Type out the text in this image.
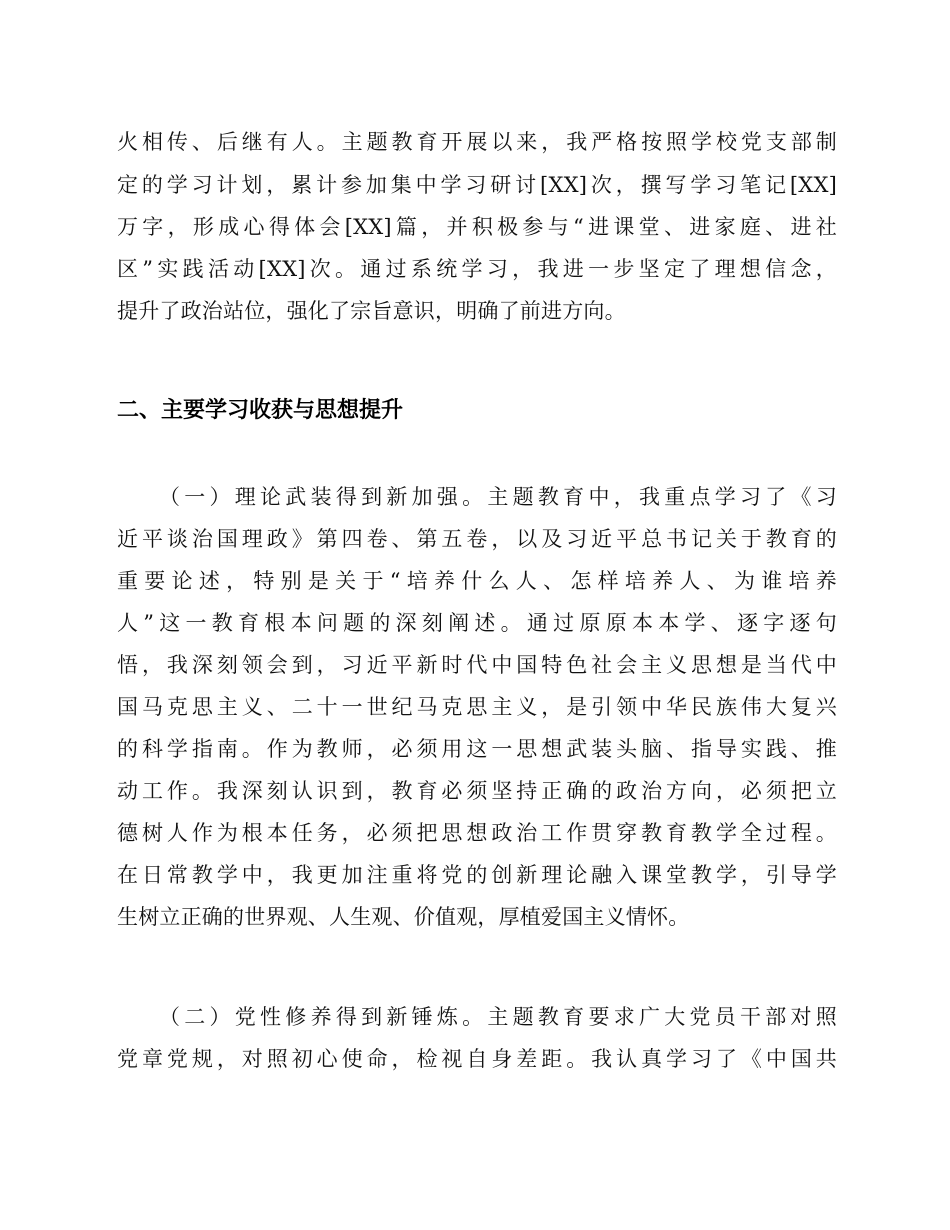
火相传、后继有人。主题教育开展以来，我严格按照学校党支部制
定的学习计划，累计参加集中学习研讨[XX]次，撰写学习笔记[XX]
万字，形成心得体会[XX]篇，并积极参与“进课堂、进家庭、进社
区”实践活动[XX]次。通过系统学习，我进一步坚定了理想信念，
提升了政治站位，强化了宗旨意识，明确了前进方向。
二、主要学习收获与思想提升
（一）理论武装得到新加强。主题教育中，我重点学习了《习
近平谈治国理政》第四卷、第五卷，以及习近平总书记关于教育的
重要论述，特别是关于“培养什么人、怎样培养人、为谁培养
人”这一教育根本问题的深刻阐述。通过原原本本学、逐字逐句
悟，我深刻领会到，习近平新时代中国特色社会主义思想是当代中
国马克思主义、二十一世纪马克思主义，是引领中华民族伟大复兴
的科学指南。作为教师，必须用这一思想武装头脑、指导实践、推
动工作。我深刻认识到，教育必须坚持正确的政治方向，必须把立
德树人作为根本任务，必须把思想政治工作贯穿教育教学全过程。
在日常教学中，我更加注重将党的创新理论融入课堂教学，引导学
生树立正确的世界观、人生观、价值观，厚植爱国主义情怀。
（二）党性修养得到新锤炼。主题教育要求广大党员干部对照
党章党规，对照初心使命，检视自身差距。我认真学习了《中国共
